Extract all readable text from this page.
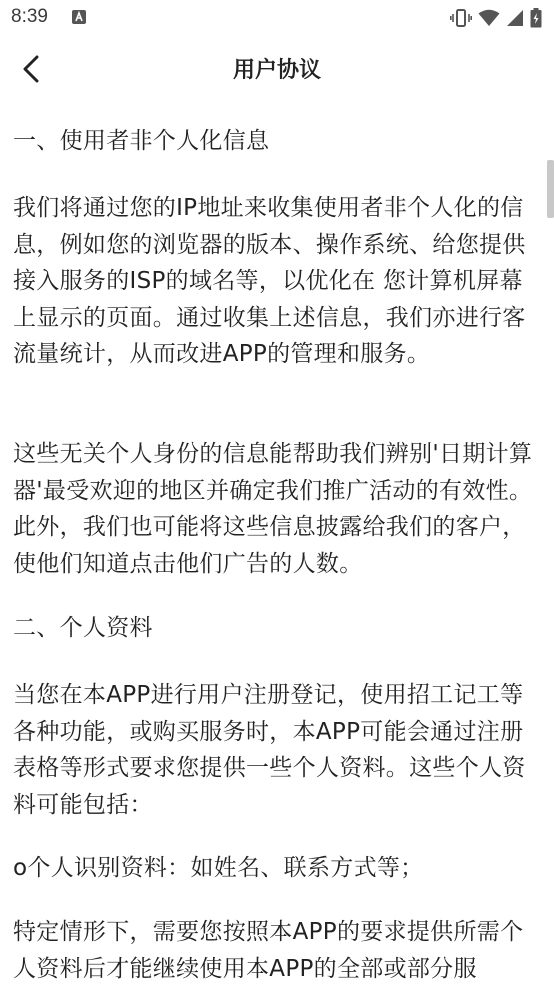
8:39
用户协议

一、使用者非个人化信息

我们将通过您的IP地址来收集使用者非个人化的信息，例如您的浏览器的版本、操作系统、给您提供接入服务的ISP的域名等，以优化在 您计算机屏幕上显示的页面。通过收集上述信息，我们亦进行客流量统计，从而改进APP的管理和服务。

这些无关个人身份的信息能帮助我们辨别'日期计算器'最受欢迎的地区并确定我们推广活动的有效性。此外，我们也可能将这些信息披露给我们的客户，使他们知道点击他们广告的人数。

二、个人资料

当您在本APP进行用户注册登记，使用招工记工等各种功能，或购买服务时，本APP可能会通过注册表格等形式要求您提供一些个人资料。这些个人资料可能包括：

o个人识别资料：如姓名、联系方式等；

特定情形下，需要您按照本APP的要求提供所需个人资料后才能继续使用本APP的全部或部分服
